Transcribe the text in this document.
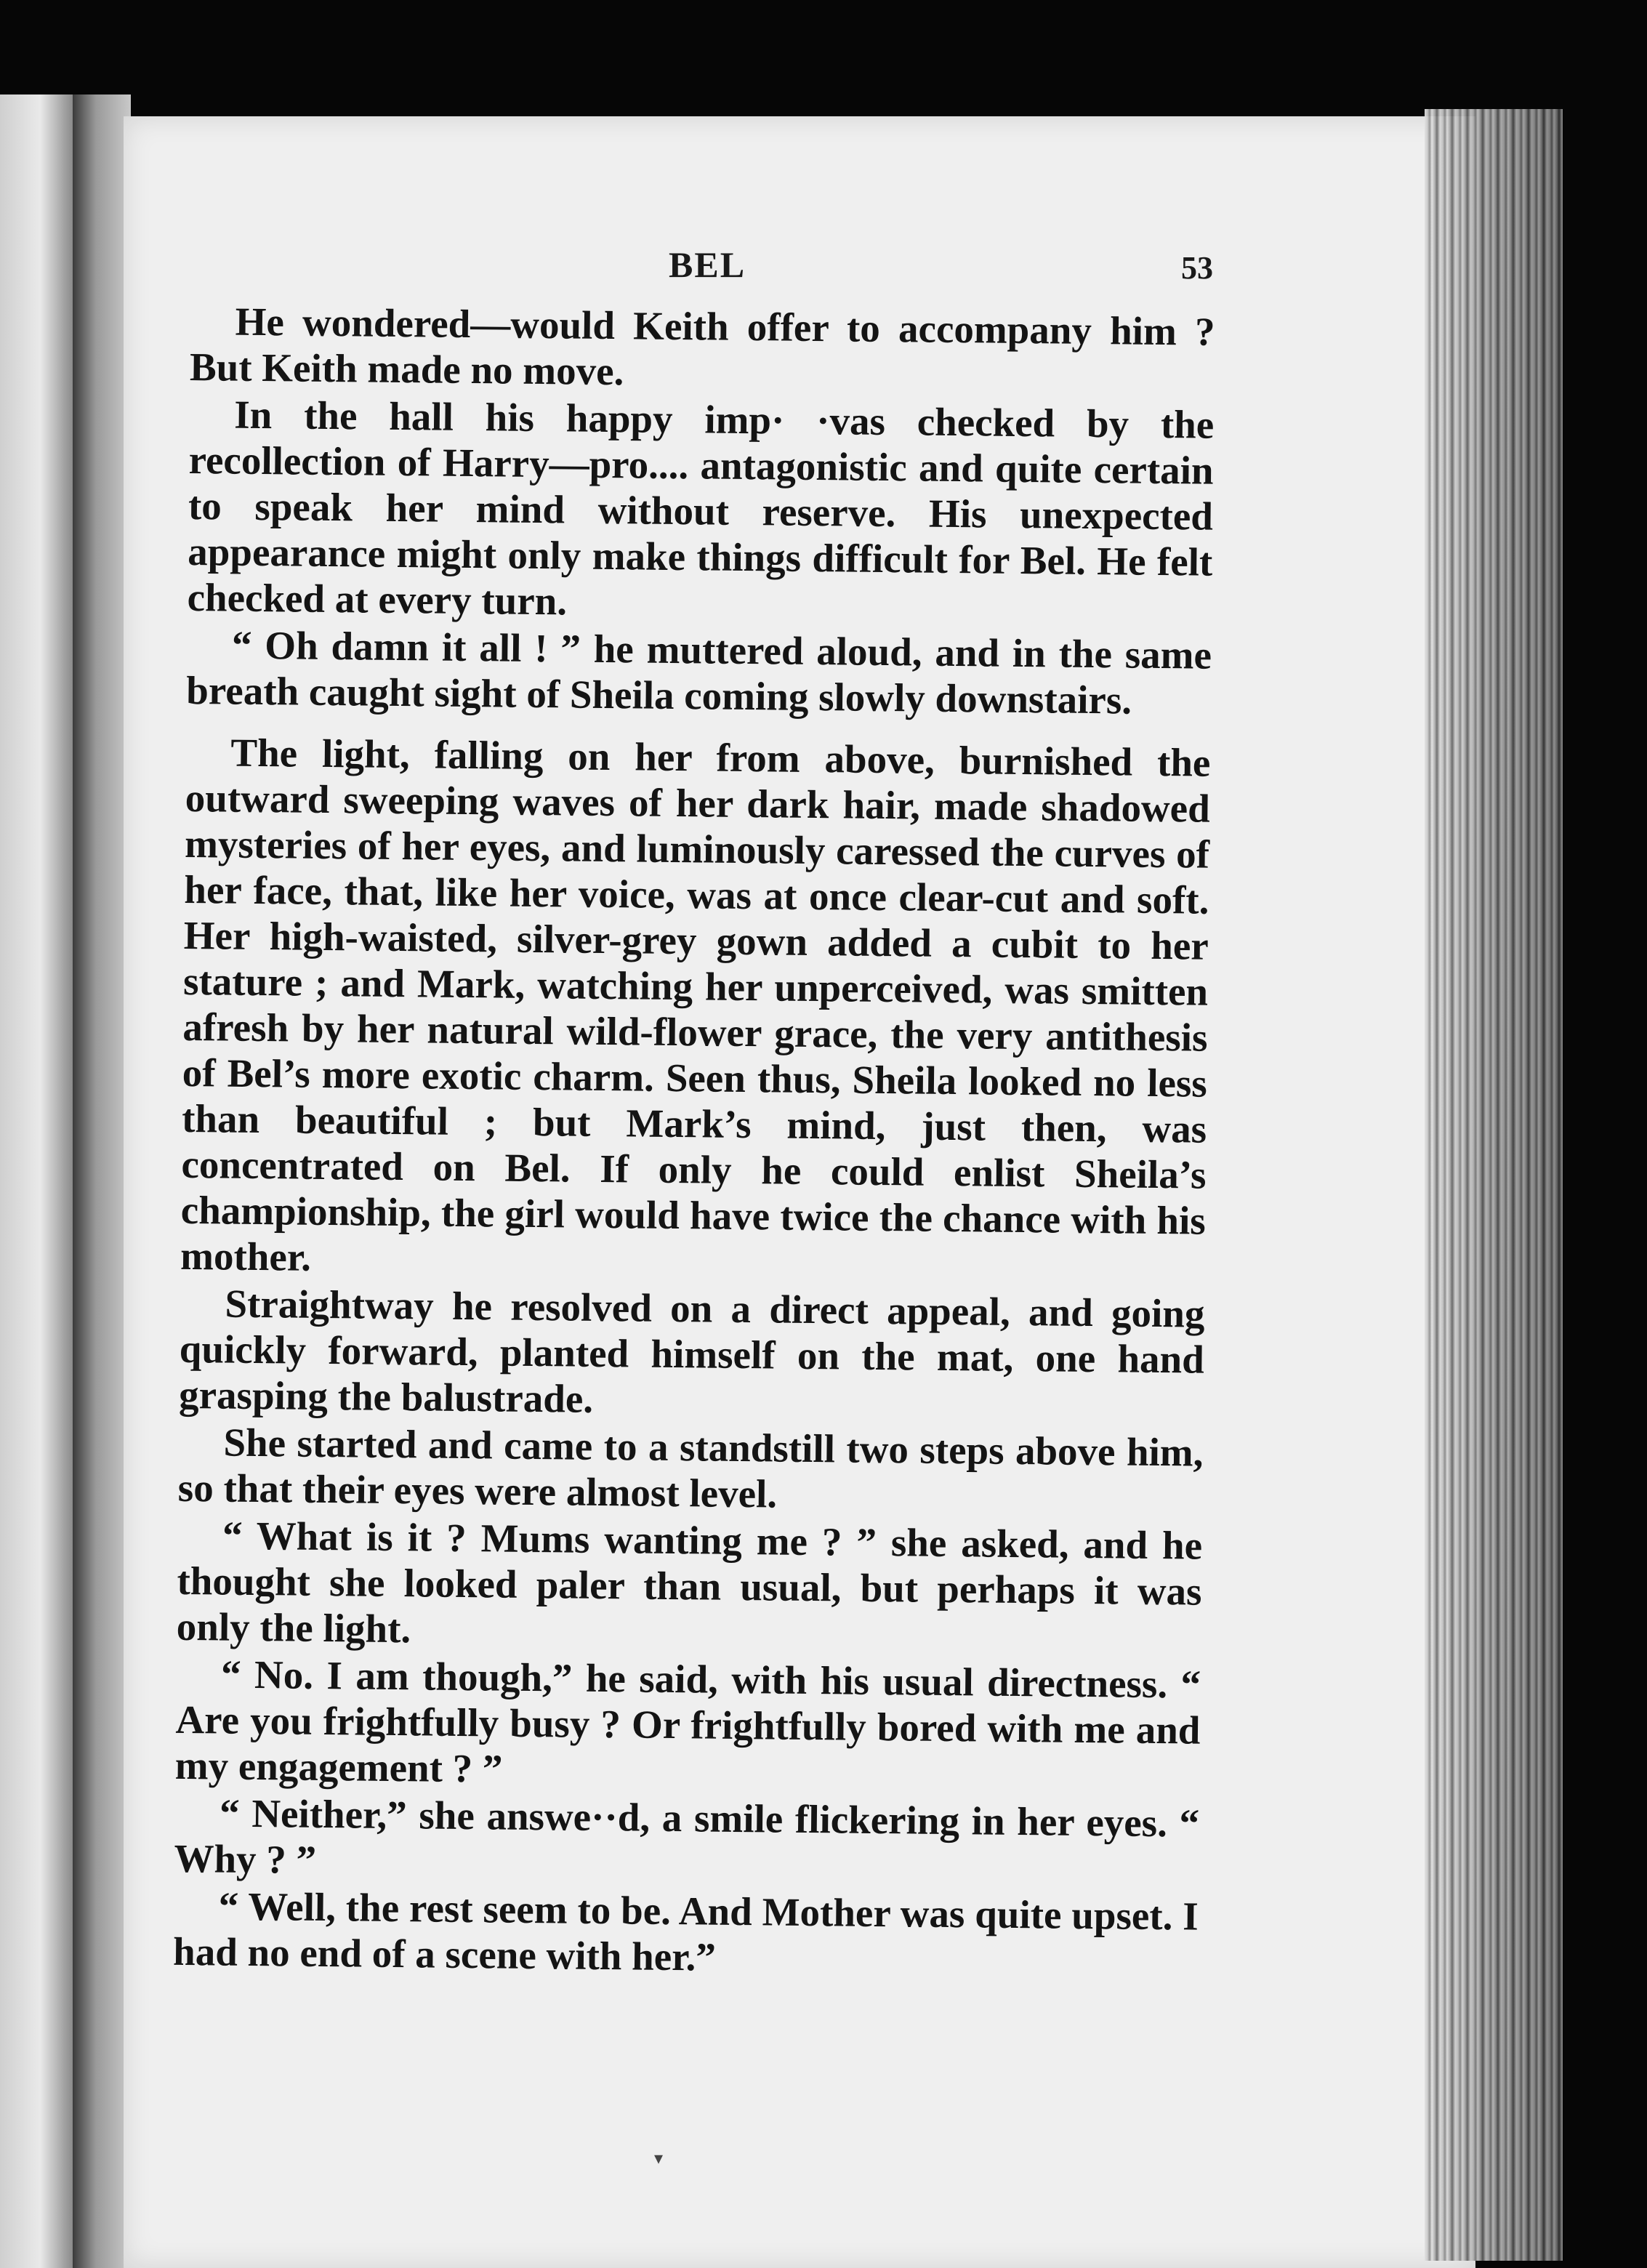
BEL	53

He wondered—would Keith offer to accompany him ? But Keith made no move.

In the hall his happy imp· ·vas checked by the recollection of Harry—pro.... antagonistic and quite certain to speak her mind without reserve. His unexpected appearance might only make things difficult for Bel. He felt checked at every turn.

“ Oh damn it all ! ” he muttered aloud, and in the same breath caught sight of Sheila coming slowly downstairs.

The light, falling on her from above, burnished the outward sweeping waves of her dark hair, made shadowed mysteries of her eyes, and luminously caressed the curves of her face, that, like her voice, was at once clear-cut and soft. Her high-waisted, silver-grey gown added a cubit to her stature ; and Mark, watching her unperceived, was smitten afresh by her natural wild-flower grace, the very antithesis of Bel’s more exotic charm. Seen thus, Sheila looked no less than beautiful ; but Mark’s mind, just then, was concentrated on Bel. If only he could enlist Sheila’s championship, the girl would have twice the chance with his mother.

Straightway he resolved on a direct appeal, and going quickly forward, planted himself on the mat, one hand grasping the balustrade.

She started and came to a standstill two steps above him, so that their eyes were almost level.

“ What is it ? Mums wanting me ? ” she asked, and he thought she looked paler than usual, but perhaps it was only the light.

“ No. I am though,” he said, with his usual directness. “ Are you frightfully busy ? Or frightfully bored with me and my engagement ? ”

“ Neither,” she answe··d, a smile flickering in her eyes. “ Why ? ”

“ Well, the rest seem to be. And Mother was quite upset. I had no end of a scene with her.”

▾
